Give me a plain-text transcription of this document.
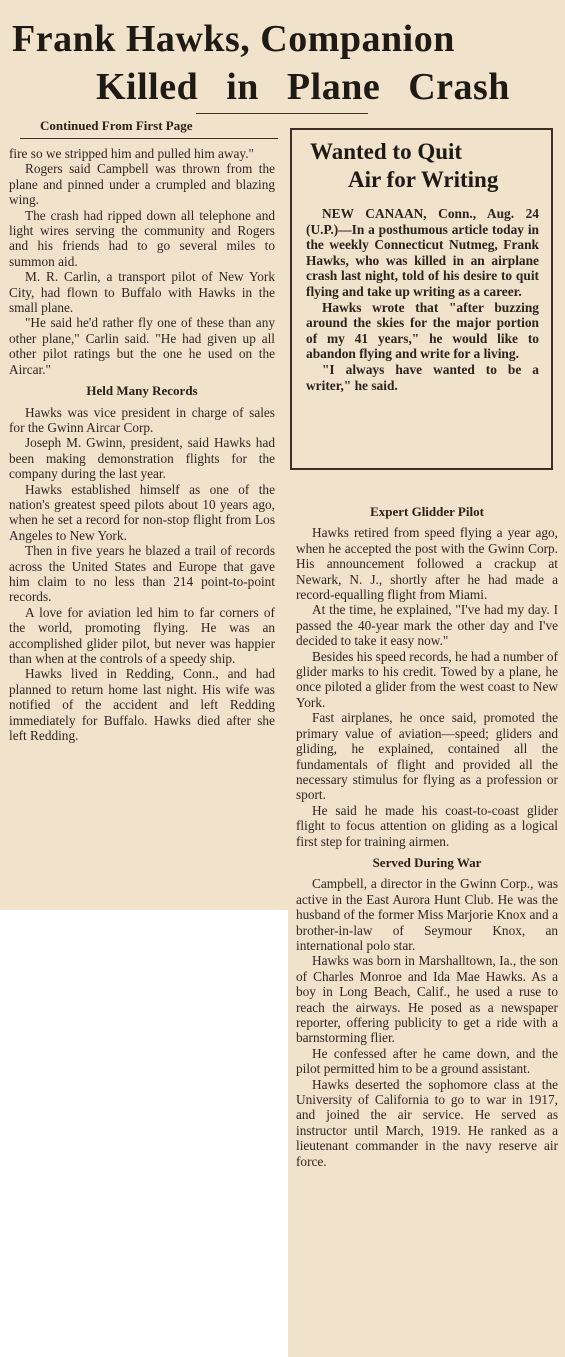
Frank Hawks, Companion
Killed in Plane Crash
Continued From First Page

fire so we stripped him and pulled him away."

Rogers said Campbell was thrown from the plane and pinned under a crumpled and blazing wing.

The crash had ripped down all telephone and light wires serving the community and Rogers and his friends had to go several miles to summon aid.

M. R. Carlin, a transport pilot of New York City, had flown to Buffalo with Hawks in the small plane.

"He said he'd rather fly one of these than any other plane," Carlin said. "He had given up all other pilot ratings but the one he used on the Aircar."

Held Many Records

Hawks was vice president in charge of sales for the Gwinn Aircar Corp.

Joseph M. Gwinn, president, said Hawks had been making demonstration flights for the company during the last year.

Hawks established himself as one of the nation's greatest speed pilots about 10 years ago, when he set a record for non-stop flight from Los Angeles to New York.

Then in five years he blazed a trail of records across the United States and Europe that gave him claim to no less than 214 point-to-point records.

A love for aviation led him to far corners of the world, promoting flying. He was an accomplished glider pilot, but never was happier than when at the controls of a speedy ship.

Hawks lived in Redding, Conn., and had planned to return home last night. His wife was notified of the accident and left Redding immediately for Buffalo. Hawks died after she left Redding.

Wanted to Quit
Air for Writing

NEW CANAAN, Conn., Aug. 24 (U.P.)—In a posthumous article today in the weekly Connecticut Nutmeg, Frank Hawks, who was killed in an airplane crash last night, told of his desire to quit flying and take up writing as a career.

Hawks wrote that "after buzzing around the skies for the major portion of my 41 years," he would like to abandon flying and write for a living.

"I always have wanted to be a writer," he said.

Expert Glidder Pilot

Hawks retired from speed flying a year ago, when he accepted the post with the Gwinn Corp. His announcement followed a crackup at Newark, N. J., shortly after he had made a record-equalling flight from Miami.

At the time, he explained, "I've had my day. I passed the 40-year mark the other day and I've decided to take it easy now."

Besides his speed records, he had a number of glider marks to his credit. Towed by a plane, he once piloted a glider from the west coast to New York.

Fast airplanes, he once said, promoted the primary value of aviation—speed; gliders and gliding, he explained, contained all the fundamentals of flight and provided all the necessary stimulus for flying as a profession or sport.

He said he made his coast-to-coast glider flight to focus attention on gliding as a logical first step for training airmen.

Served During War

Campbell, a director in the Gwinn Corp., was active in the East Aurora Hunt Club. He was the husband of the former Miss Marjorie Knox and a brother-in-law of Seymour Knox, an international polo star.

Hawks was born in Marshalltown, Ia., the son of Charles Monroe and Ida Mae Hawks. As a boy in Long Beach, Calif., he used a ruse to reach the airways. He posed as a newspaper reporter, offering publicity to get a ride with a barnstorming flier.

He confessed after he came down, and the pilot permitted him to be a ground assistant.

Hawks deserted the sophomore class at the University of California to go to war in 1917, and joined the air service. He served as instructor until March, 1919. He ranked as a lieutenant commander in the navy reserve air force.
